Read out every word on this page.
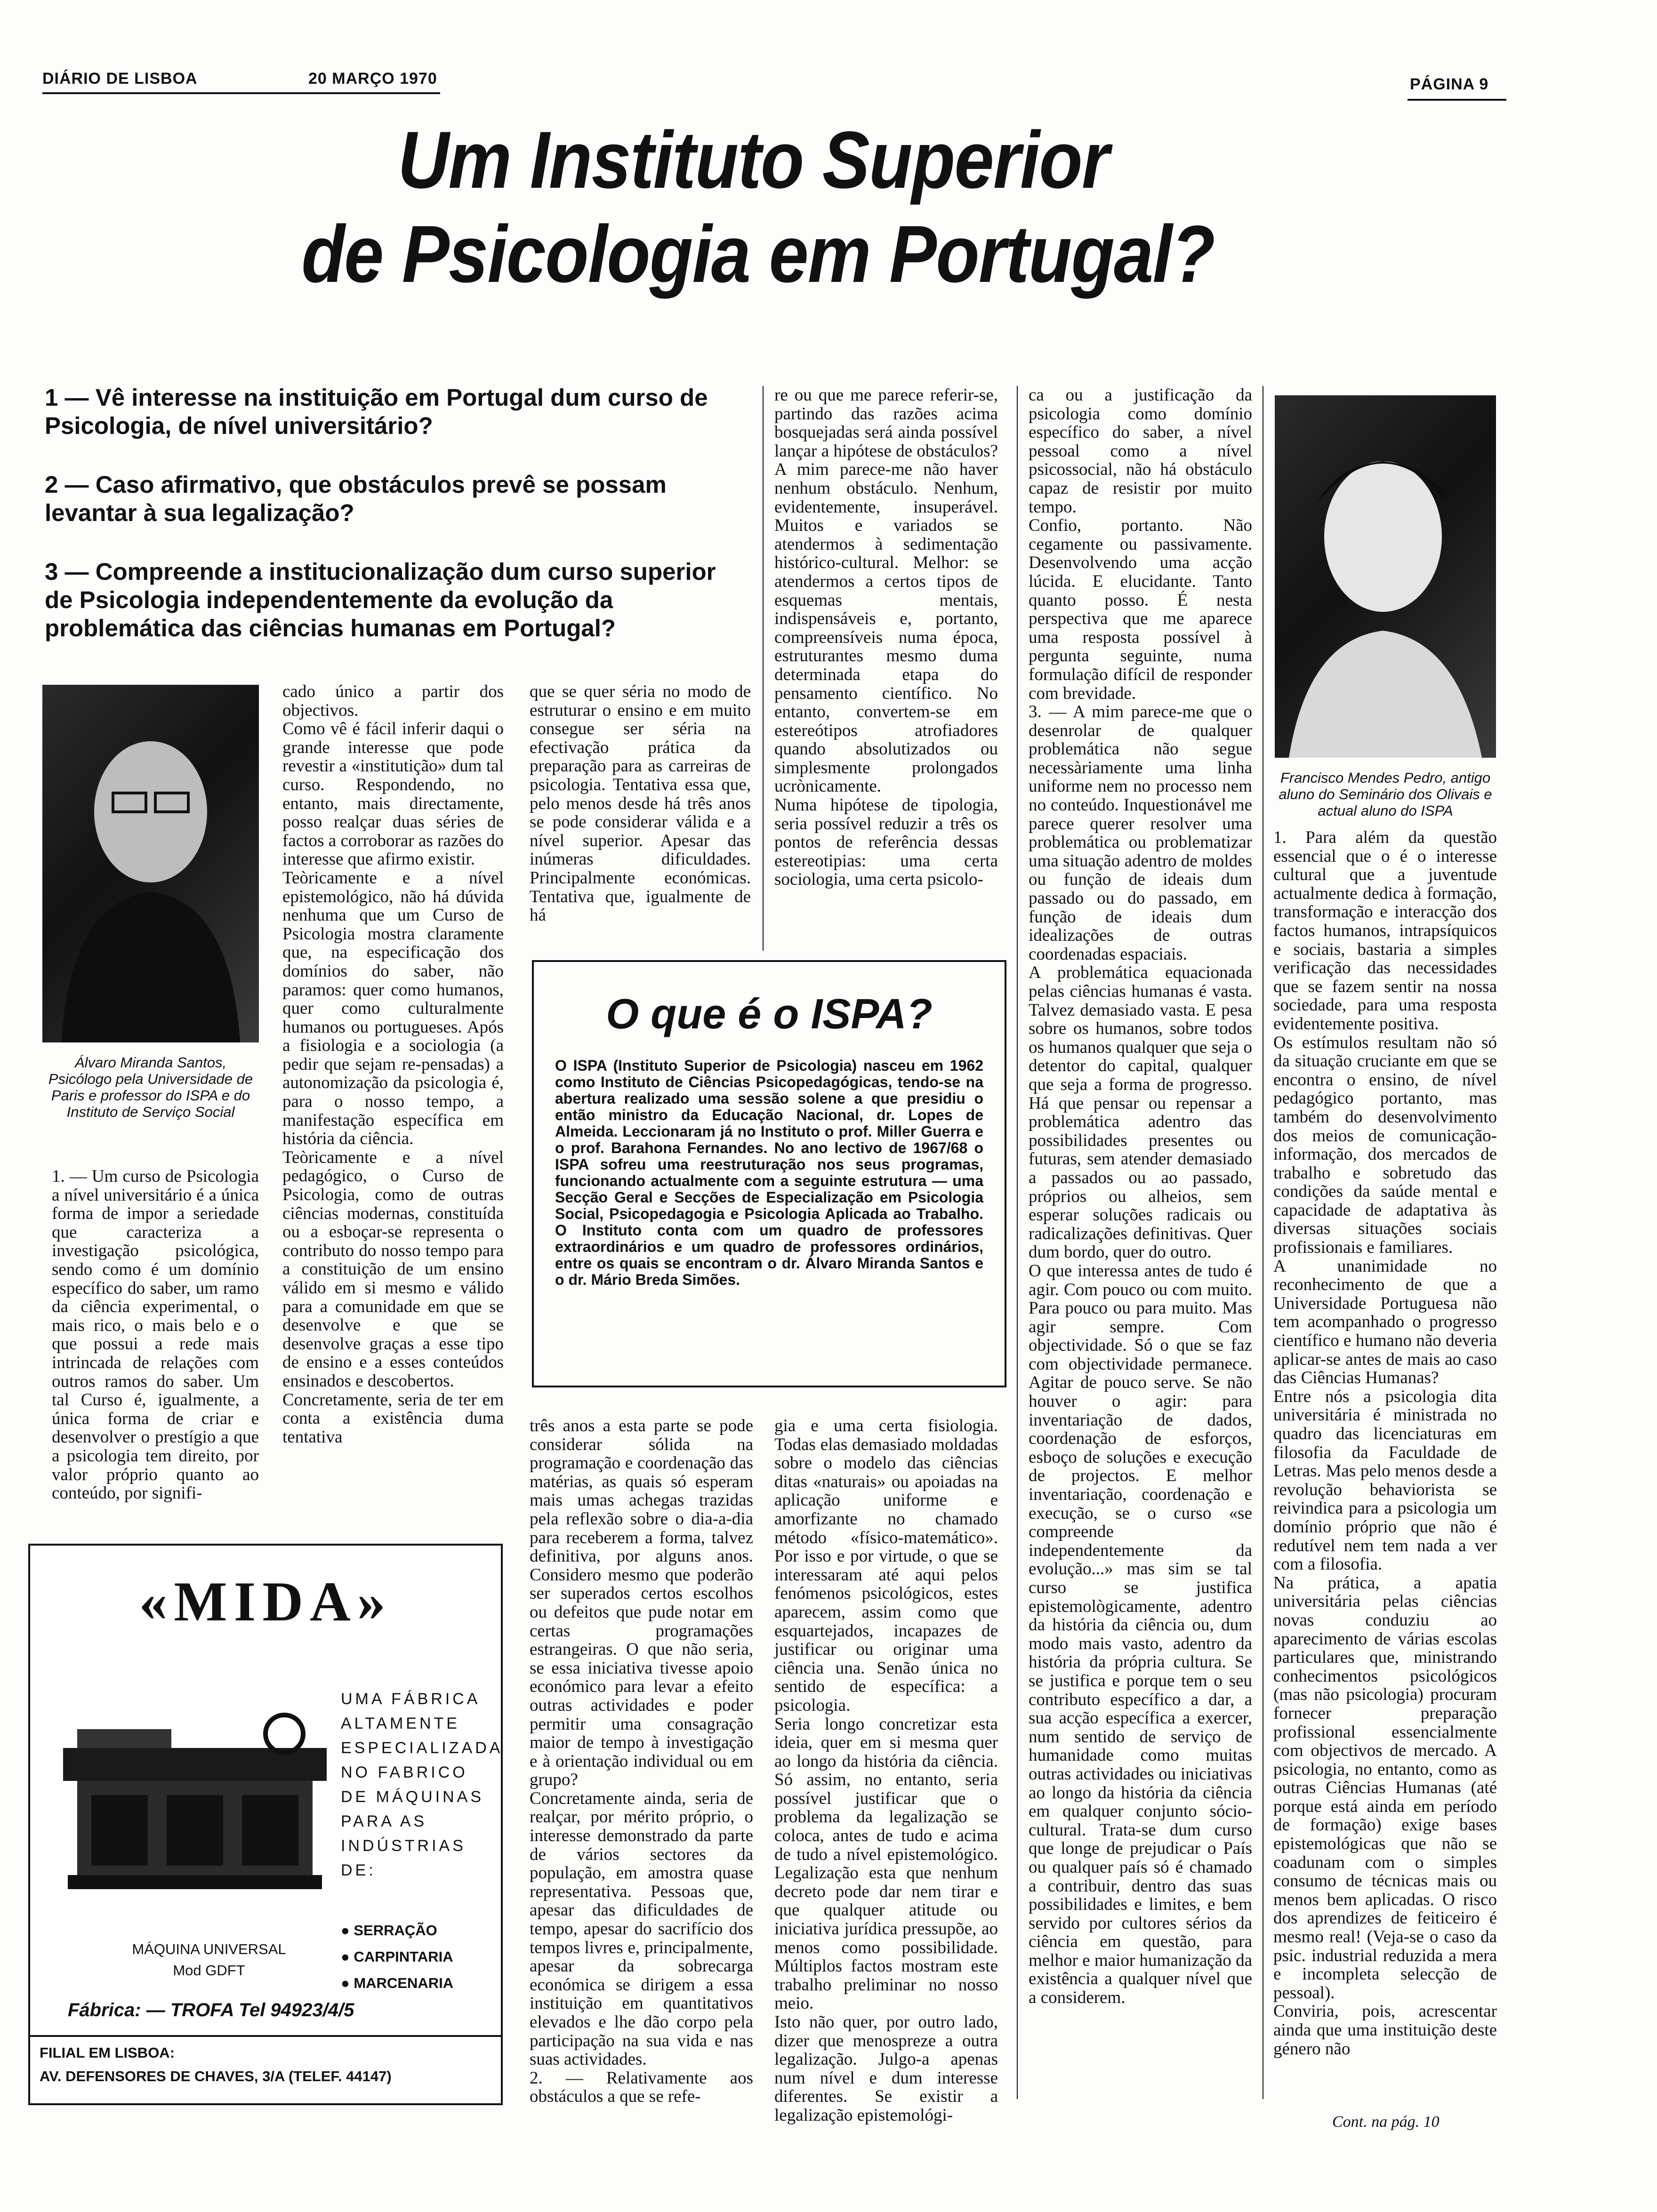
DIÁRIO DE LISBOA	20 MARÇO 1970	PÁGINA 9
Um Instituto Superior
de Psicologia em Portugal?
1 — Vê interesse na instituição em Portugal dum curso de Psicologia, de nível universitário?
2 — Caso afirmativo, que obstáculos prevê se possam levantar à sua legalização?
3 — Compreende a institucionalização dum curso superior de Psicologia independentemente da evolução da problemática das ciências humanas em Portugal?
Álvaro Miranda Santos, Psicólogo pela Universidade de Paris e professor do ISPA e do Instituto de Serviço Social
Francisco Mendes Pedro, antigo aluno do Seminário dos Olivais e actual aluno do ISPA
1. — Um curso de Psicologia a nível universitário é a única forma de impor a seriedade que caracteriza a investigação psicológica, sendo como é um domínio específico do saber, um ramo da ciência experimental, o mais rico, o mais belo e o que possui a rede mais intrincada de relações com outros ramos do saber. Um tal Curso é, igualmente, a única forma de criar e desenvolver o prestígio a que a psicologia tem direito, por valor próprio quanto ao conteúdo, por signifi-
cado único a partir dos objectivos.
Como vê é fácil inferir daqui o grande interesse que pode revestir a «institutição» dum tal curso. Respondendo, no entanto, mais directamente, posso realçar duas séries de factos a corroborar as razões do interesse que afirmo existir.
Teòricamente e a nível epistemológico, não há dúvida nenhuma que um Curso de Psicologia mostra claramente que, na especificação dos domínios do saber, não paramos: quer como humanos, quer como culturalmente humanos ou portugueses. Após a fisiologia e a sociologia (a pedir que sejam re-pensadas) a autonomização da psicologia é, para o nosso tempo, a manifestação específica em história da ciência.
Teòricamente e a nível pedagógico, o Curso de Psicologia, como de outras ciências modernas, constituída ou a esboçar-se representa o contributo do nosso tempo para a constituição de um ensino válido em si mesmo e válido para a comunidade em que se desenvolve e que se desenvolve graças a esse tipo de ensino e a esses conteúdos ensinados e descobertos.
Concretamente, seria de ter em conta a existência duma tentativa
que se quer séria no modo de estruturar o ensino e em muito consegue ser séria na efectivação prática da preparação para as carreiras de psicologia. Tentativa essa que, pelo menos desde há três anos se pode considerar válida e a nível superior. Apesar das inúmeras dificuldades. Principalmente económicas. Tentativa que, igualmente de há
re ou que me parece referir-se, partindo das razões acima bosquejadas será ainda possível lançar a hipótese de obstáculos? A mim parece-me não haver nenhum obstáculo. Nenhum, evidentemente, insuperável. Muitos e variados se atendermos à sedimentação histórico-cultural. Melhor: se atendermos a certos tipos de esquemas mentais, indispensáveis e, portanto, compreensíveis numa época, estruturantes mesmo duma determinada etapa do pensamento científico. No entanto, convertem-se em estereótipos atrofiadores quando absolutizados ou simplesmente prolongados ucrònicamente.
Numa hipótese de tipologia, seria possível reduzir a três os pontos de referência dessas estereotipias: uma certa sociologia, uma certa psicolo-
ca ou a justificação da psicologia como domínio específico do saber, a nível pessoal como a nível psicossocial, não há obstáculo capaz de resistir por muito tempo.
Confio, portanto. Não cegamente ou passivamente. Desenvolvendo uma acção lúcida. E elucidante. Tanto quanto posso. É nesta perspectiva que me aparece uma resposta possível à pergunta seguinte, numa formulação difícil de responder com brevidade.
3. — A mim parece-me que o desenrolar de qualquer problemática não segue necessàriamente uma linha uniforme nem no processo nem no conteúdo. Inquestionável me parece querer resolver uma problemática ou problematizar uma situação adentro de moldes ou função de ideais dum passado ou do passado, em função de ideais dum idealizações de outras coordenadas espaciais.
A problemática equacionada pelas ciências humanas é vasta. Talvez demasiado vasta. E pesa sobre os humanos, sobre todos os humanos qualquer que seja o detentor do capital, qualquer que seja a forma de progresso. Há que pensar ou repensar a problemática adentro das possibilidades presentes ou futuras, sem atender demasiado a passados ou ao passado, próprios ou alheios, sem esperar soluções radicais ou radicalizações definitivas. Quer dum bordo, quer do outro.
O que interessa antes de tudo é agir. Com pouco ou com muito. Para pouco ou para muito. Mas agir sempre. Com objectividade. Só o que se faz com objectividade permanece. Agitar de pouco serve. Se não houver o agir: para inventariação de dados, coordenação de esforços, esboço de soluções e execução de projectos. E melhor inventariação, coordenação e execução, se o curso «se compreende independentemente da evolução...» mas sim se tal curso se justifica epistemològicamente, adentro da história da ciência ou, dum modo mais vasto, adentro da história da própria cultura. Se se justifica e porque tem o seu contributo específico a dar, a sua acção específica a exercer, num sentido de serviço de humanidade como muitas outras actividades ou iniciativas ao longo da história da ciência em qualquer conjunto sócio-cultural. Trata-se dum curso que longe de prejudicar o País ou qualquer país só é chamado a contribuir, dentro das suas possibilidades e limites, e bem servido por cultores sérios da ciência em questão, para melhor e maior humanização da existência a qualquer nível que a considerem.
1. Para além da questão essencial que o é o interesse cultural que a juventude actualmente dedica à formação, transformação e interacção dos factos humanos, intrapsíquicos e sociais, bastaria a simples verificação das necessidades que se fazem sentir na nossa sociedade, para uma resposta evidentemente positiva.
Os estímulos resultam não só da situação cruciante em que se encontra o ensino, de nível pedagógico portanto, mas também do desenvolvimento dos meios de comunicação-informação, dos mercados de trabalho e sobretudo das condições da saúde mental e capacidade de adaptativa às diversas situações sociais profissionais e familiares.
A unanimidade no reconhecimento de que a Universidade Portuguesa não tem acompanhado o progresso científico e humano não deveria aplicar-se antes de mais ao caso das Ciências Humanas?
Entre nós a psicologia dita universitária é ministrada no quadro das licenciaturas em filosofia da Faculdade de Letras. Mas pelo menos desde a revolução behaviorista se reivindica para a psicologia um domínio próprio que não é redutível nem tem nada a ver com a filosofia.
Na prática, a apatia universitária pelas ciências novas conduziu ao aparecimento de várias escolas particulares que, ministrando conhecimentos psicológicos (mas não psicologia) procuram fornecer preparação profissional essencialmente com objectivos de mercado. A psicologia, no entanto, como as outras Ciências Humanas (até porque está ainda em período de formação) exige bases epistemológicas que não se coadunam com o simples consumo de técnicas mais ou menos bem aplicadas. O risco dos aprendizes de feiticeiro é mesmo real! (Veja-se o caso da psic. industrial reduzida a mera e incompleta selecção de pessoal).
Conviria, pois, acrescentar ainda que uma instituição deste género não
três anos a esta parte se pode considerar sólida na programação e coordenação das matérias, as quais só esperam mais umas achegas trazidas pela reflexão sobre o dia-a-dia para receberem a forma, talvez definitiva, por alguns anos. Considero mesmo que poderão ser superados certos escolhos ou defeitos que pude notar em certas programações estrangeiras. O que não seria, se essa iniciativa tivesse apoio económico para levar a efeito outras actividades e poder permitir uma consagração maior de tempo à investigação e à orientação individual ou em grupo?
Concretamente ainda, seria de realçar, por mérito próprio, o interesse demonstrado da parte de vários sectores da população, em amostra quase representativa. Pessoas que, apesar das dificuldades de tempo, apesar do sacrifício dos tempos livres e, principalmente, apesar da sobrecarga económica se dirigem a essa instituição em quantitativos elevados e lhe dão corpo pela participação na sua vida e nas suas actividades.
2. — Relativamente aos obstáculos a que se refe-
gia e uma certa fisiologia. Todas elas demasiado moldadas sobre o modelo das ciências ditas «naturais» ou apoiadas na aplicação uniforme e amorfizante no chamado método «físico-matemático». Por isso e por virtude, o que se interessaram até aqui pelos fenómenos psicológicos, estes aparecem, assim como que esquartejados, incapazes de justificar ou originar uma ciência una. Senão única no sentido de específica: a psicologia.
Seria longo concretizar esta ideia, quer em si mesma quer ao longo da história da ciência. Só assim, no entanto, seria possível justificar que o problema da legalização se coloca, antes de tudo e acima de tudo a nível epistemológico. Legalização esta que nenhum decreto pode dar nem tirar e que qualquer atitude ou iniciativa jurídica pressupõe, ao menos como possibilidade. Múltiplos factos mostram este trabalho preliminar no nosso meio.
Isto não quer, por outro lado, dizer que menospreze a outra legalização. Julgo-a apenas num nível e dum interesse diferentes. Se existir a legalização epistemológi-
O que é o ISPA?
O ISPA (Instituto Superior de Psicologia) nasceu em 1962 como Instituto de Ciências Psicopedagógicas, tendo-se na abertura realizado uma sessão solene a que presidiu o então ministro da Educação Nacional, dr. Lopes de Almeida. Leccionaram já no Instituto o prof. Miller Guerra e o prof. Barahona Fernandes. No ano lectivo de 1967/68 o ISPA sofreu uma reestruturação nos seus programas, funcionando actualmente com a seguinte estrutura — uma Secção Geral e Secções de Especialização em Psicologia Social, Psicopedagogia e Psicologia Aplicada ao Trabalho. O Instituto conta com um quadro de professores extraordinários e um quadro de professores ordinários, entre os quais se encontram o dr. Álvaro Miranda Santos e o dr. Mário Breda Simões.
«MIDA»
UMA FÁBRICA
ALTAMENTE
ESPECIALIZADA NO FABRICO DE MÁQUINAS PARA AS
INDÚSTRIAS
DE:
● SERRAÇÃO
● CARPINTARIA
● MARCENARIA
MÁQUINA UNIVERSAL
Mod GDFT
Fábrica: — TROFA Tel 94923/4/5
FILIAL EM LISBOA:
AV. DEFENSORES DE CHAVES, 3/A (TELEF. 44147)
Cont. na pág. 10
